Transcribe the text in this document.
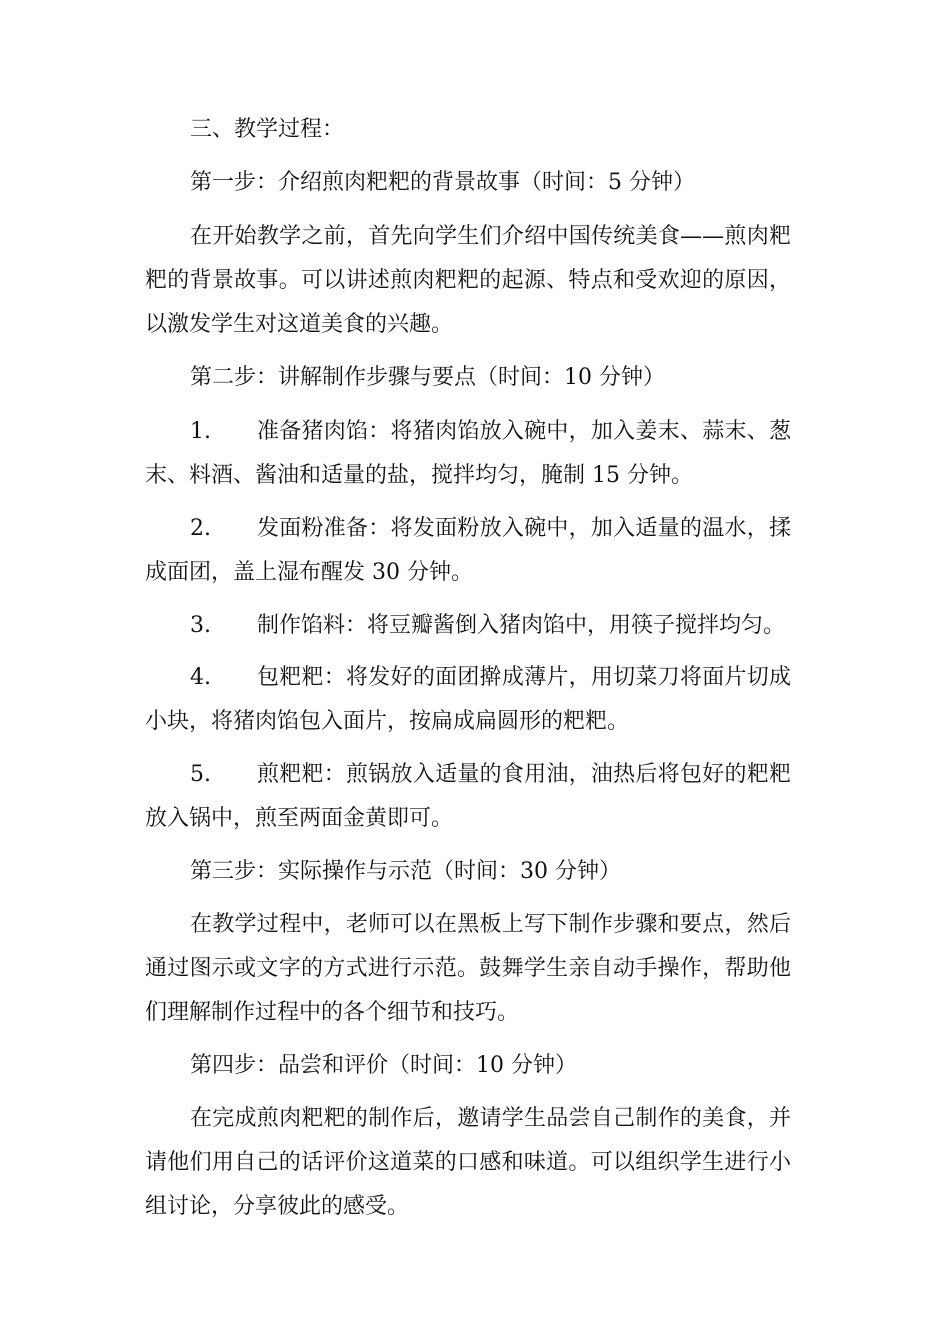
三、教学过程：
第一步：介绍煎肉粑粑的背景故事（时间：5 分钟）
在开始教学之前，首先向学生们介绍中国传统美食——煎肉粑
粑的背景故事。可以讲述煎肉粑粑的起源、特点和受欢迎的原因，
以激发学生对这道美食的兴趣。
第二步：讲解制作步骤与要点（时间：10 分钟）
1.	准备猪肉馅：将猪肉馅放入碗中，加入姜末、蒜末、葱
末、料酒、酱油和适量的盐，搅拌均匀，腌制 15 分钟。
2.	发面粉准备：将发面粉放入碗中，加入适量的温水，揉
成面团，盖上湿布醒发 30 分钟。
3.	制作馅料：将豆瓣酱倒入猪肉馅中，用筷子搅拌均匀。
4.	包粑粑：将发好的面团擀成薄片，用切菜刀将面片切成
小块，将猪肉馅包入面片，按扁成扁圆形的粑粑。
5.	煎粑粑：煎锅放入适量的食用油，油热后将包好的粑粑
放入锅中，煎至两面金黄即可。
第三步：实际操作与示范（时间：30 分钟）
在教学过程中，老师可以在黑板上写下制作步骤和要点，然后
通过图示或文字的方式进行示范。鼓舞学生亲自动手操作，帮助他
们理解制作过程中的各个细节和技巧。
第四步：品尝和评价（时间：10 分钟）
在完成煎肉粑粑的制作后，邀请学生品尝自己制作的美食，并
请他们用自己的话评价这道菜的口感和味道。可以组织学生进行小
组讨论，分享彼此的感受。
